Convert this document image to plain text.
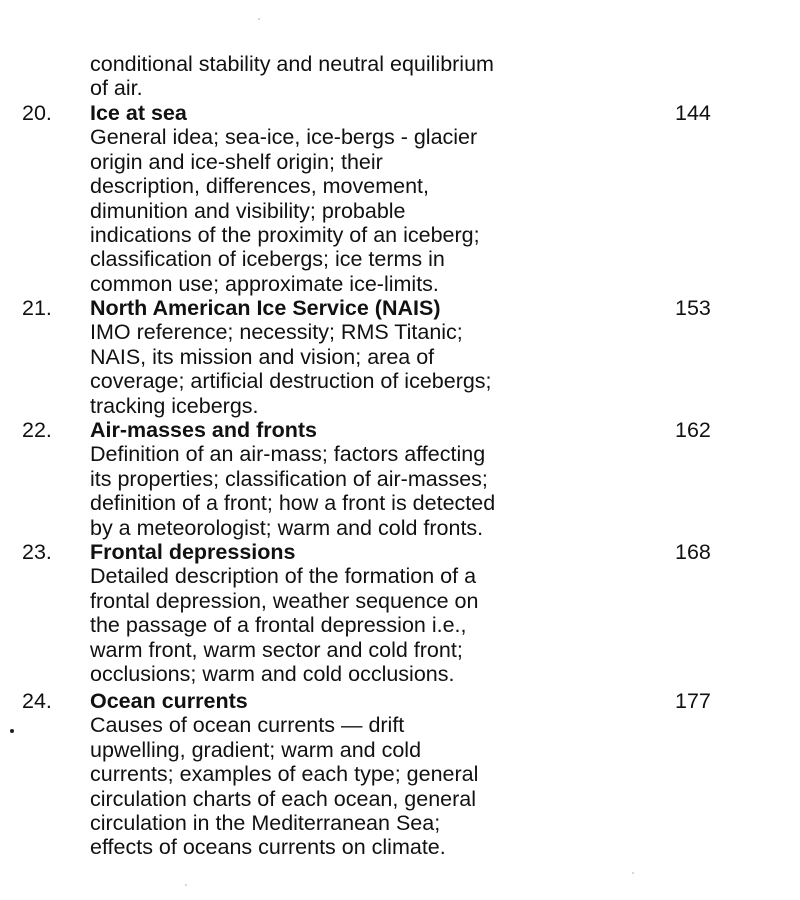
conditional stability and neutral equilibrium
of air.
20. Ice at sea	144
General idea; sea-ice, ice-bergs - glacier
origin and ice-shelf origin; their
description, differences, movement,
dimunition and visibility; probable
indications of the proximity of an iceberg;
classification of icebergs; ice terms in
common use; approximate ice-limits.
21. North American Ice Service (NAIS)	153
IMO reference; necessity; RMS Titanic;
NAIS, its mission and vision; area of
coverage; artificial destruction of icebergs;
tracking icebergs.
22. Air-masses and fronts	162
Definition of an air-mass; factors affecting
its properties; classification of air-masses;
definition of a front; how a front is detected
by a meteorologist; warm and cold fronts.
23. Frontal depressions	168
Detailed description of the formation of a
frontal depression, weather sequence on
the passage of a frontal depression i.e.,
warm front, warm sector and cold front;
occlusions; warm and cold occlusions.
24. Ocean currents	177
Causes of ocean currents — drift
upwelling, gradient; warm and cold
currents; examples of each type; general
circulation charts of each ocean, general
circulation in the Mediterranean Sea;
effects of oceans currents on climate.
